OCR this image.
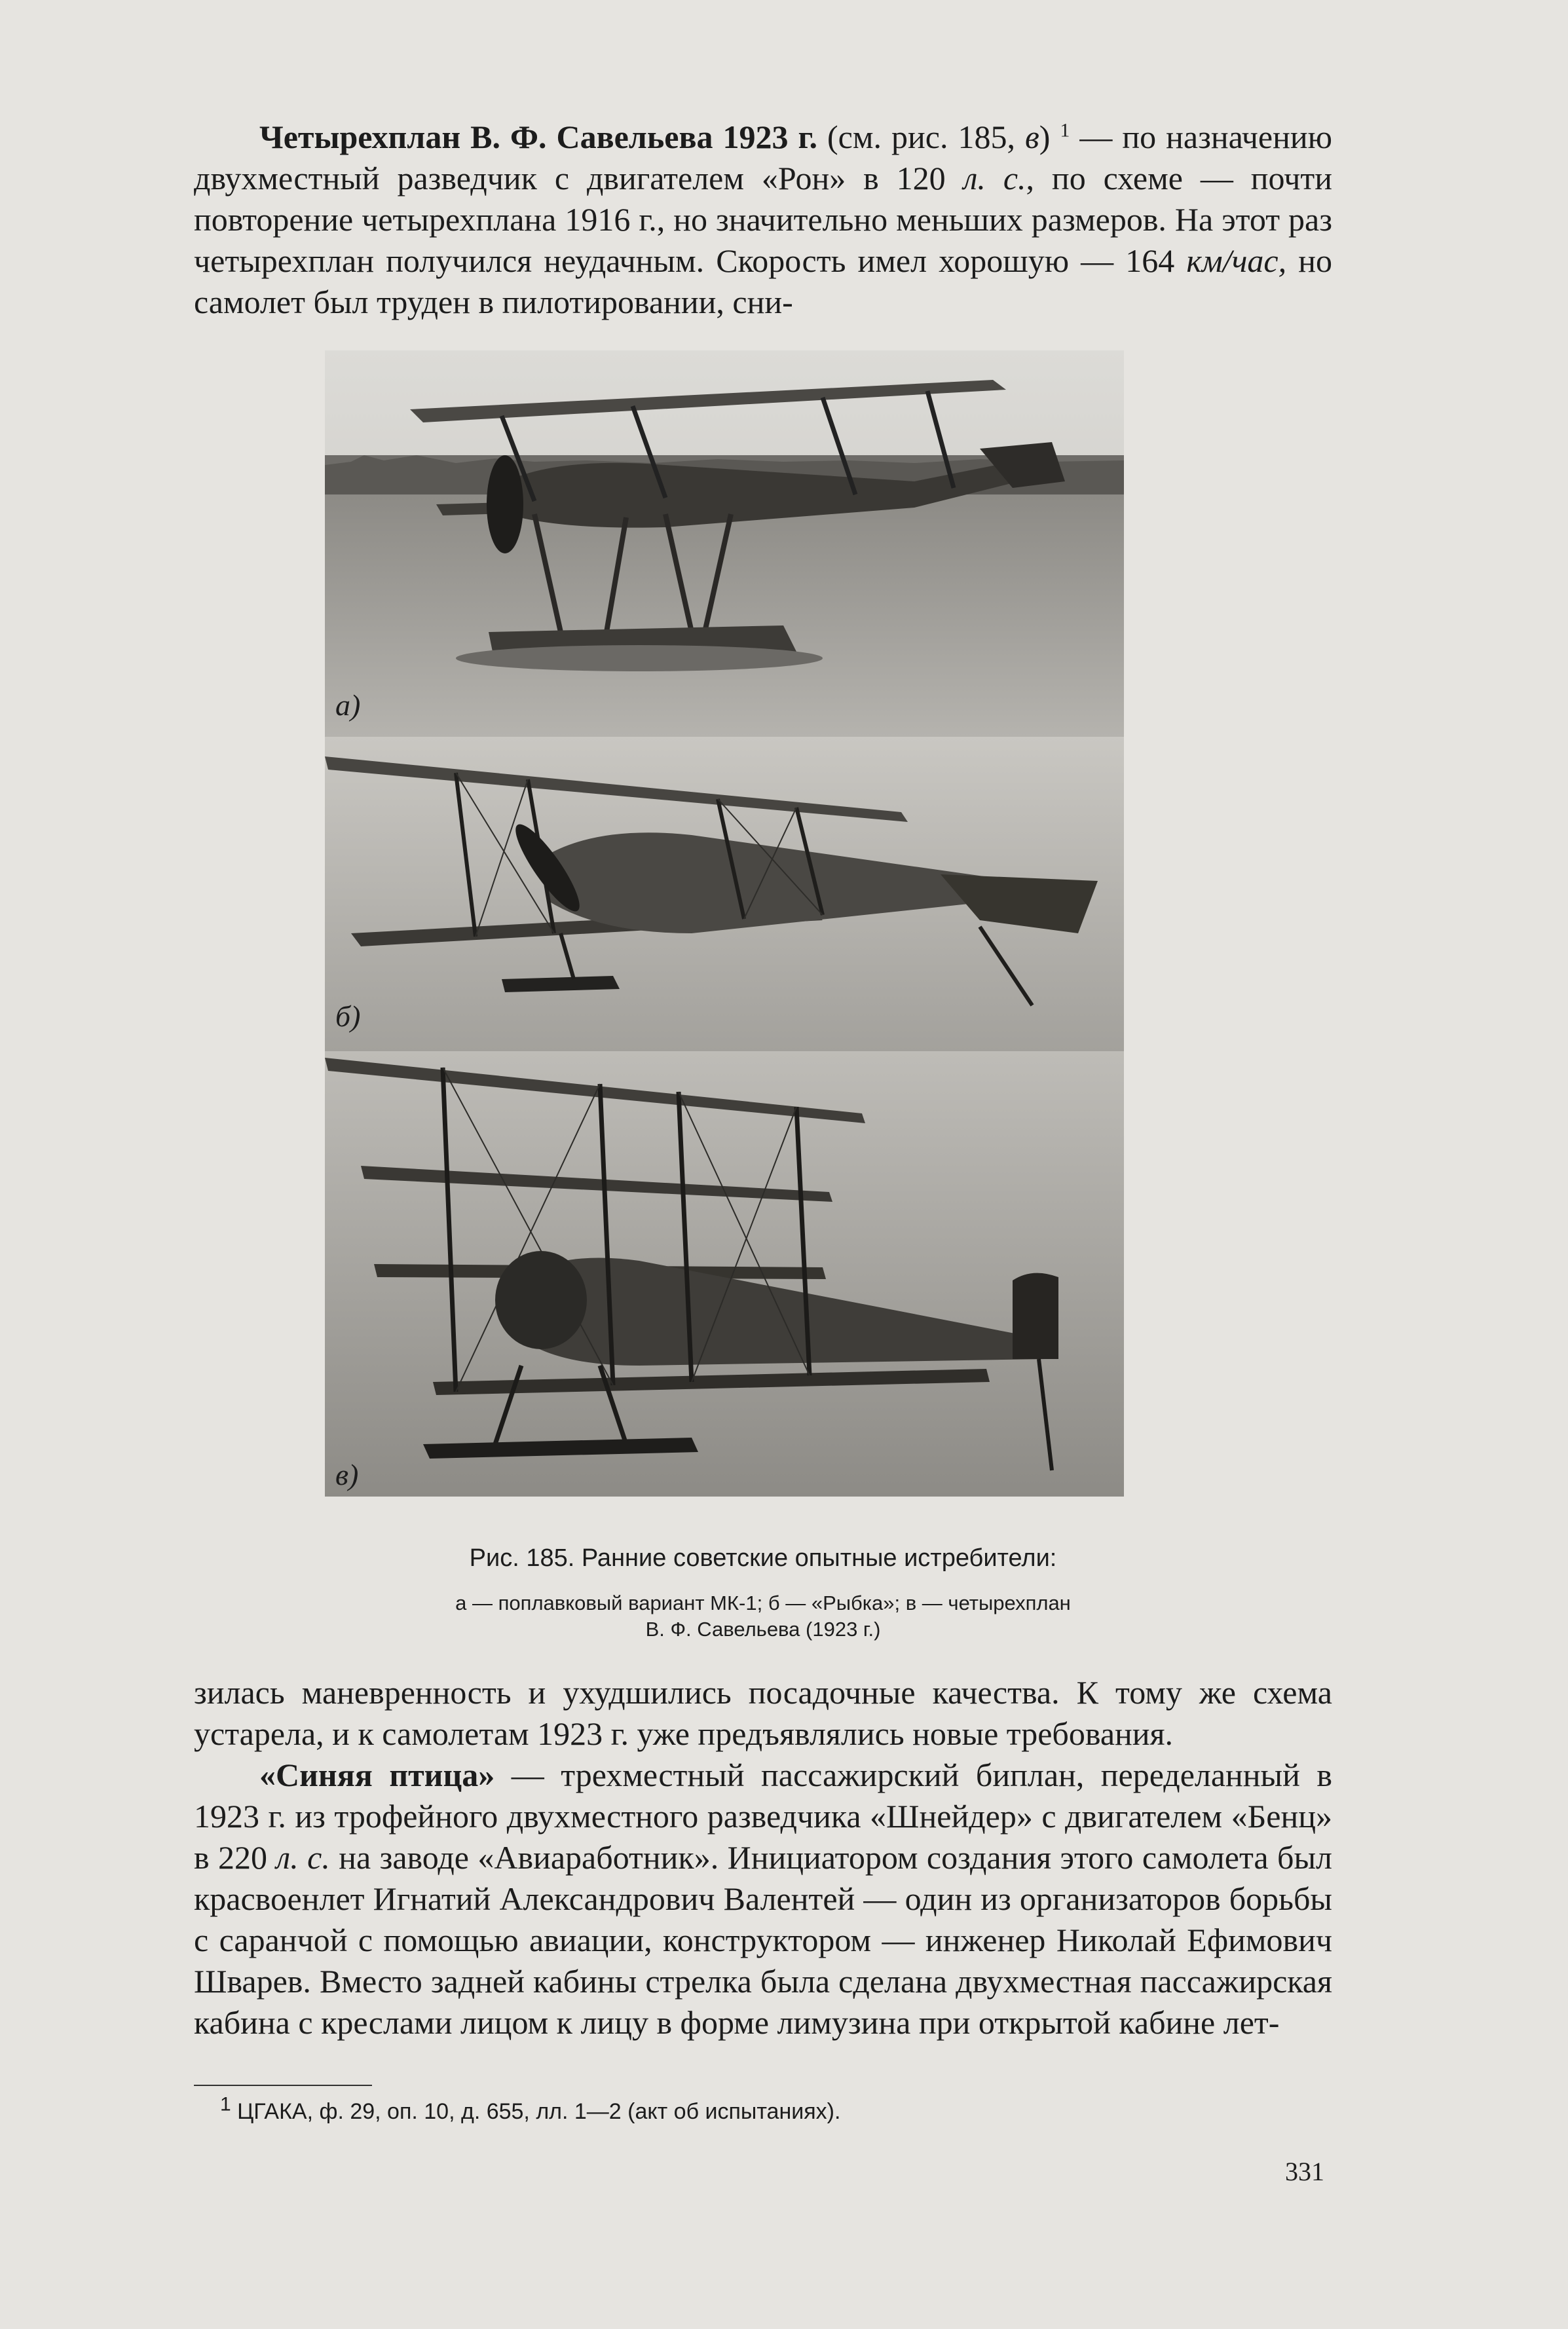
Четырехплан В. Ф. Савельева 1923 г. (см. рис. 185, в) $^1$ — по назначению двухместный разведчик с двигателем «Рон» в 120 л. с., по схеме — почти повторение четырехплана 1916 г., но значительно меньших размеров. На этот раз четырехплан получился неудачным. Скорость имел хорошую — 164 км/час, но самолет был труден в пилотировании, сни-

а)
б)
в)
Рис. 185. Ранние советские опытные истребители:
а — поплавковый вариант МК-1; б — «Рыбка»; в — четырехплан
В. Ф. Савельева (1923 г.)

зилась маневренность и ухудшились посадочные качества. К тому же схема устарела, и к самолетам 1923 г. уже предъявлялись новые требования.

«Синяя птица» — трехместный пассажирский биплан, переделанный в 1923 г. из трофейного двухместного разведчика «Шнейдер» с двигателем «Бенц» в 220 л. с. на заводе «Авиаработник». Инициатором создания этого самолета был красвоенлет Игнатий Александрович Валентей — один из организаторов борьбы с саранчой с помощью авиации, конструктором — инженер Николай Ефимович Шварев. Вместо задней кабины стрелка была сделана двухместная пассажирская кабина с креслами лицом к лицу в форме лимузина при открытой кабине лет-

$^1$ ЦГАКА, ф. 29, оп. 10, д. 655, лл. 1—2 (акт об испытаниях).
331
